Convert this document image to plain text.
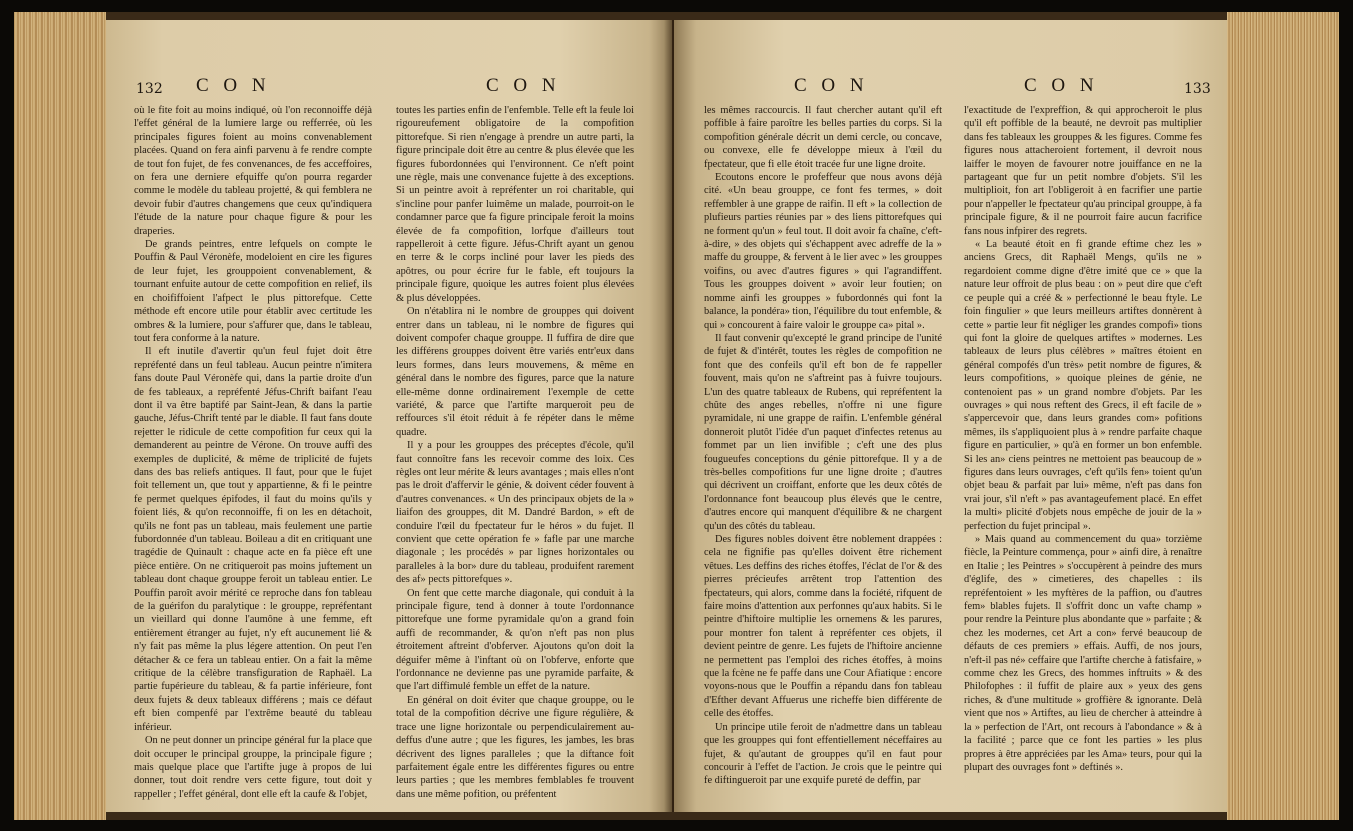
132 C O N	C O N

où le fite foit au moins indiqué, où l'on reconnoiffe déjà l'effet général de la lumiere large ou refferrée, où les principales figures foient au moins convenablement placées. Quand on fera ainfi parvenu à fe rendre compte de tout fon fujet, de fes convenances, de fes acceffoires, on fera une derniere efquiffe qu'on pourra regarder comme le modèle du tableau projetté, & qui femblera ne devoir fubir d'autres changemens que ceux qu'indiquera l'étude de la nature pour chaque figure & pour les draperies.

De grands peintres, entre lefquels on compte le Pouffin & Paul Véronèfe, modeloient en cire les figures de leur fujet, les grouppoient convenablement, & tournant enfuite autour de cette compofition en relief, ils en choififfoient l'afpect le plus pittorefque. Cette méthode eft encore utile pour établir avec certitude les ombres & la lumiere, pour s'affurer que, dans le tableau, tout fera conforme à la nature.

Il eft inutile d'avertir qu'un feul fujet doit être repréfenté dans un feul tableau. Aucun peintre n'imitera fans doute Paul Véronèfe qui, dans la partie droite d'un de fes tableaux, a repréfenté Jéfus-Chrift baifant l'eau dont il va être baptifé par Saint-Jean, & dans la partie gauche, Jéfus-Chrift tenté par le diable. Il faut fans doute rejetter le ridicule de cette compofition fur ceux qui la demanderent au peintre de Vérone. On trouve auffi des exemples de duplicité, & même de triplicité de fujets dans des bas reliefs antiques. Il faut, pour que le fujet foit tellement un, que tout y appartienne, & fi le peintre fe permet quelques épifodes, il faut du moins qu'ils y foient liés, & qu'on reconnoiffe, fi on les en détachoit, qu'ils ne font pas un tableau, mais feulement une partie fubordonnée d'un tableau. Boileau a dit en critiquant une tragédie de Quinault : chaque acte en fa pièce eft une pièce entière. On ne critiqueroit pas moins juftement un tableau dont chaque grouppe feroit un tableau entier. Le Pouffin paroît avoir mérité ce reproche dans fon tableau de la guérifon du paralytique : le grouppe, repréfentant un vieillard qui donne l'aumône à une femme, eft entièrement étranger au fujet, n'y eft aucunement lié & n'y fait pas même la plus légere attention. On peut l'en détacher & ce fera un tableau entier. On a fait la même critique de la célèbre transfiguration de Raphaël. La partie fupérieure du tableau, & fa partie inférieure, font deux fujets & deux tableaux différens ; mais ce défaut eft bien compenfé par l'extrême beauté du tableau inférieur.

On ne peut donner un principe général fur la place que doit occuper le principal grouppe, la principale figure ; mais quelque place que l'artifte juge à propos de lui donner, tout doit rendre vers cette figure, tout doit y rappeller ; l'effet général, dont elle eft la caufe & l'objet,

toutes les parties enfin de l'enfemble. Telle eft la feule loi rigoureufement obligatoire de la compofition pittorefque. Si rien n'engage à prendre un autre parti, la figure principale doit être au centre & plus élevée que les figures fubordonnées qui l'environnent. Ce n'eft point une règle, mais une convenance fujette à des exceptions. Si un peintre avoit à repréfenter un roi charitable, qui s'incline pour panfer luimême un malade, pourroit-on le condamner parce que fa figure principale feroit la moins élevée de fa compofition, lorfque d'ailleurs tout rappelleroit à cette figure. Jéfus-Chrift ayant un genou en terre & le corps incliné pour laver les pieds des apôtres, ou pour écrire fur le fable, eft toujours la principale figure, quoique les autres foient plus élevées & plus développées.

On n'établira ni le nombre de grouppes qui doivent entrer dans un tableau, ni le nombre de figures qui doivent compofer chaque grouppe. Il fuffira de dire que les différens grouppes doivent être variés entr'eux dans leurs formes, dans leurs mouvemens, & même en général dans le nombre des figures, parce que la nature elle-même donne ordinairement l'exemple de cette variété, & parce que l'artifte marqueroit peu de reffources s'il étoit réduit à fe répéter dans le même quadre.

Il y a pour les grouppes des préceptes d'école, qu'il faut connoître fans les recevoir comme des loix. Ces règles ont leur mérite & leurs avantages ; mais elles n'ont pas le droit d'affervir le génie, & doivent céder fouvent à d'autres convenances. « Un des principaux objets de la » liaifon des grouppes, dit M. Dandré Bardon, » eft de conduire l'œil du fpectateur fur le héros » du fujet. Il convient que cette opération fe » fafle par une marche diagonale ; les procédés » par lignes horizontales ou paralleles à la bor» dure du tableau, produifent rarement des af» pects pittorefques ».

On fent que cette marche diagonale, qui conduit à la principale figure, tend à donner à toute l'ordonnance pittorefque une forme pyramidale qu'on a grand foin auffi de recommander, & qu'on n'eft pas non plus étroitement aftreint d'obferver. Ajoutons qu'on doit la déguifer même à l'inftant où on l'obferve, enforte que l'ordonnance ne devienne pas une pyramide parfaite, & que l'art diffimulé femble un effet de la nature.

En général on doit éviter que chaque grouppe, ou le total de la compofition décrive une figure régulière, & trace une ligne horizontale ou perpendiculairement au-deffus d'une autre ; que les figures, les jambes, les bras décrivent des lignes paralleles ; que la diftance foit parfaitement égale entre les différentes figures ou entre leurs parties ; que les membres femblables fe trouvent dans une même pofition, ou préfentent

C O N	C O N	133

les mêmes raccourcis. Il faut chercher autant qu'il eft poffible à faire paroître les belles parties du corps. Si la compofition générale décrit un demi cercle, ou concave, ou convexe, elle fe développe mieux à l'œil du fpectateur, que fi elle étoit tracée fur une ligne droite.

Ecoutons encore le profeffeur que nous avons déjà cité. «Un beau grouppe, ce font fes termes, » doit reffembler à une grappe de raifin. Il eft » la collection de plufieurs parties réunies par » des liens pittorefques qui ne forment qu'un » feul tout. Il doit avoir fa chaîne, c'eft-à-dire, » des objets qui s'échappent avec adreffe de la » maffe du grouppe, & fervent à le lier avec » les grouppes voifins, ou avec d'autres figures » qui l'agrandiffent. Tous les grouppes doivent » avoir leur foutien; on nomme ainfi les grouppes » fubordonnés qui font la balance, la pondéra» tion, l'équilibre du tout enfemble, & qui » concourent à faire valoir le grouppe ca» pital ».

Il faut convenir qu'excepté le grand principe de l'unité de fujet & d'intérêt, toutes les règles de compofition ne font que des confeils qu'il eft bon de fe rappeller fouvent, mais qu'on ne s'aftreint pas à fuivre toujours. L'un des quatre tableaux de Rubens, qui repréfentent la chûte des anges rebelles, n'offre ni une figure pyramidale, ni une grappe de raifin. L'enfemble général donneroit plutôt l'idée d'un paquet d'infectes retenus au fommet par un lien invifible ; c'eft une des plus fougueufes conceptions du génie pittorefque. Il y a de très-belles compofitions fur une ligne droite ; d'autres qui décrivent un croiffant, enforte que les deux côtés de l'ordonnance font beaucoup plus élevés que le centre, d'autres encore qui manquent d'équilibre & ne chargent qu'un des côtés du tableau.

Des figures nobles doivent être noblement drappées : cela ne fignifie pas qu'elles doivent être richement vêtues. Les deffins des riches étoffes, l'éclat de l'or & des pierres précieufes arrêtent trop l'attention des fpectateurs, qui alors, comme dans la fociété, rifquent de faire moins d'attention aux perfonnes qu'aux habits. Si le peintre d'hiftoire multiplie les ornemens & les parures, pour montrer fon talent à repréfenter ces objets, il devient peintre de genre. Les fujets de l'hiftoire ancienne ne permettent pas l'emploi des riches étoffes, à moins que la fcène ne fe paffe dans une Cour Afiatique : encore voyons-nous que le Pouffin a répandu dans fon tableau d'Efther devant Affuerus une richeffe bien différente de celle des étoffes.

Un principe utile feroit de n'admettre dans un tableau que les grouppes qui font effentiellement néceffaires au fujet, & qu'autant de grouppes qu'il en faut pour concourir à l'effet de l'action. Je crois que le peintre qui fe diftingueroit par une exquife pureté de deffin, par

l'exactitude de l'expreffion, & qui approcheroit le plus qu'il eft poffible de la beauté, ne devroit pas multiplier dans fes tableaux les grouppes & les figures. Comme fes figures nous attacheroient fortement, il devroit nous laiffer le moyen de favourer notre jouiffance en ne la partageant que fur un petit nombre d'objets. S'il les multiplioit, fon art l'obligeroit à en facrifier une partie pour n'appeller le fpectateur qu'au principal grouppe, à fa principale figure, & il ne pourroit faire aucun facrifice fans nous infpirer des regrets.

« La beauté étoit en fi grande eftime chez les » anciens Grecs, dit Raphaël Mengs, qu'ils ne » regardoient comme digne d'être imité que ce » que la nature leur offroit de plus beau : on » peut dire que c'eft ce peuple qui a créé & » perfectionné le beau ftyle. Le foin fingulier » que leurs meilleurs artiftes donnèrent à cette » partie leur fit négliger les grandes compofi» tions qui font la gloire de quelques artiftes » modernes. Les tableaux de leurs plus célèbres » maîtres étoient en général compofés d'un très» petit nombre de figures, & leurs compofitions, » quoique pleines de génie, ne contenoient pas » un grand nombre d'objets. Par les ouvrages » qui nous reftent des Grecs, il eft facile de » s'appercevoir que, dans leurs grandes com» pofitions mêmes, ils s'appliquoient plus à » rendre parfaite chaque figure en particulier, » qu'à en former un bon enfemble. Si les an» ciens peintres ne mettoient pas beaucoup de » figures dans leurs ouvrages, c'eft qu'ils fen» toient qu'un objet beau & parfait par lui» même, n'eft pas dans fon vrai jour, s'il n'eft » pas avantageufement placé. En effet la multi» plicité d'objets nous empêche de jouir de la » perfection du fujet principal ».

» Mais quand au commencement du qua» torzième fiècle, la Peinture commença, pour » ainfi dire, à renaître en Italie ; les Peintres » s'occupèrent à peindre des murs d'églife, des » cimetieres, des chapelles : ils repréfentoient » les myftères de la paffion, ou d'autres fem» blables fujets. Il s'offrit donc un vafte champ » pour rendre la Peinture plus abondante que » parfaite ; & chez les modernes, cet Art a con» fervé beaucoup de défauts de ces premiers » effais. Auffi, de nos jours, n'eft-il pas né» ceffaire que l'artifte cherche à fatisfaire, » comme chez les Grecs, des hommes inftruits » & des Philofophes : il fuffit de plaire aux » yeux des gens riches, & d'une multitude » groffière & ignorante. Delà vient que nos » Artiftes, au lieu de chercher à atteindre à la » perfection de l'Art, ont recours à l'abondance » & à la facilité ; parce que ce font les parties » les plus propres à être appréciées par les Ama» teurs, pour qui la plupart des ouvrages font » deftinés ».
